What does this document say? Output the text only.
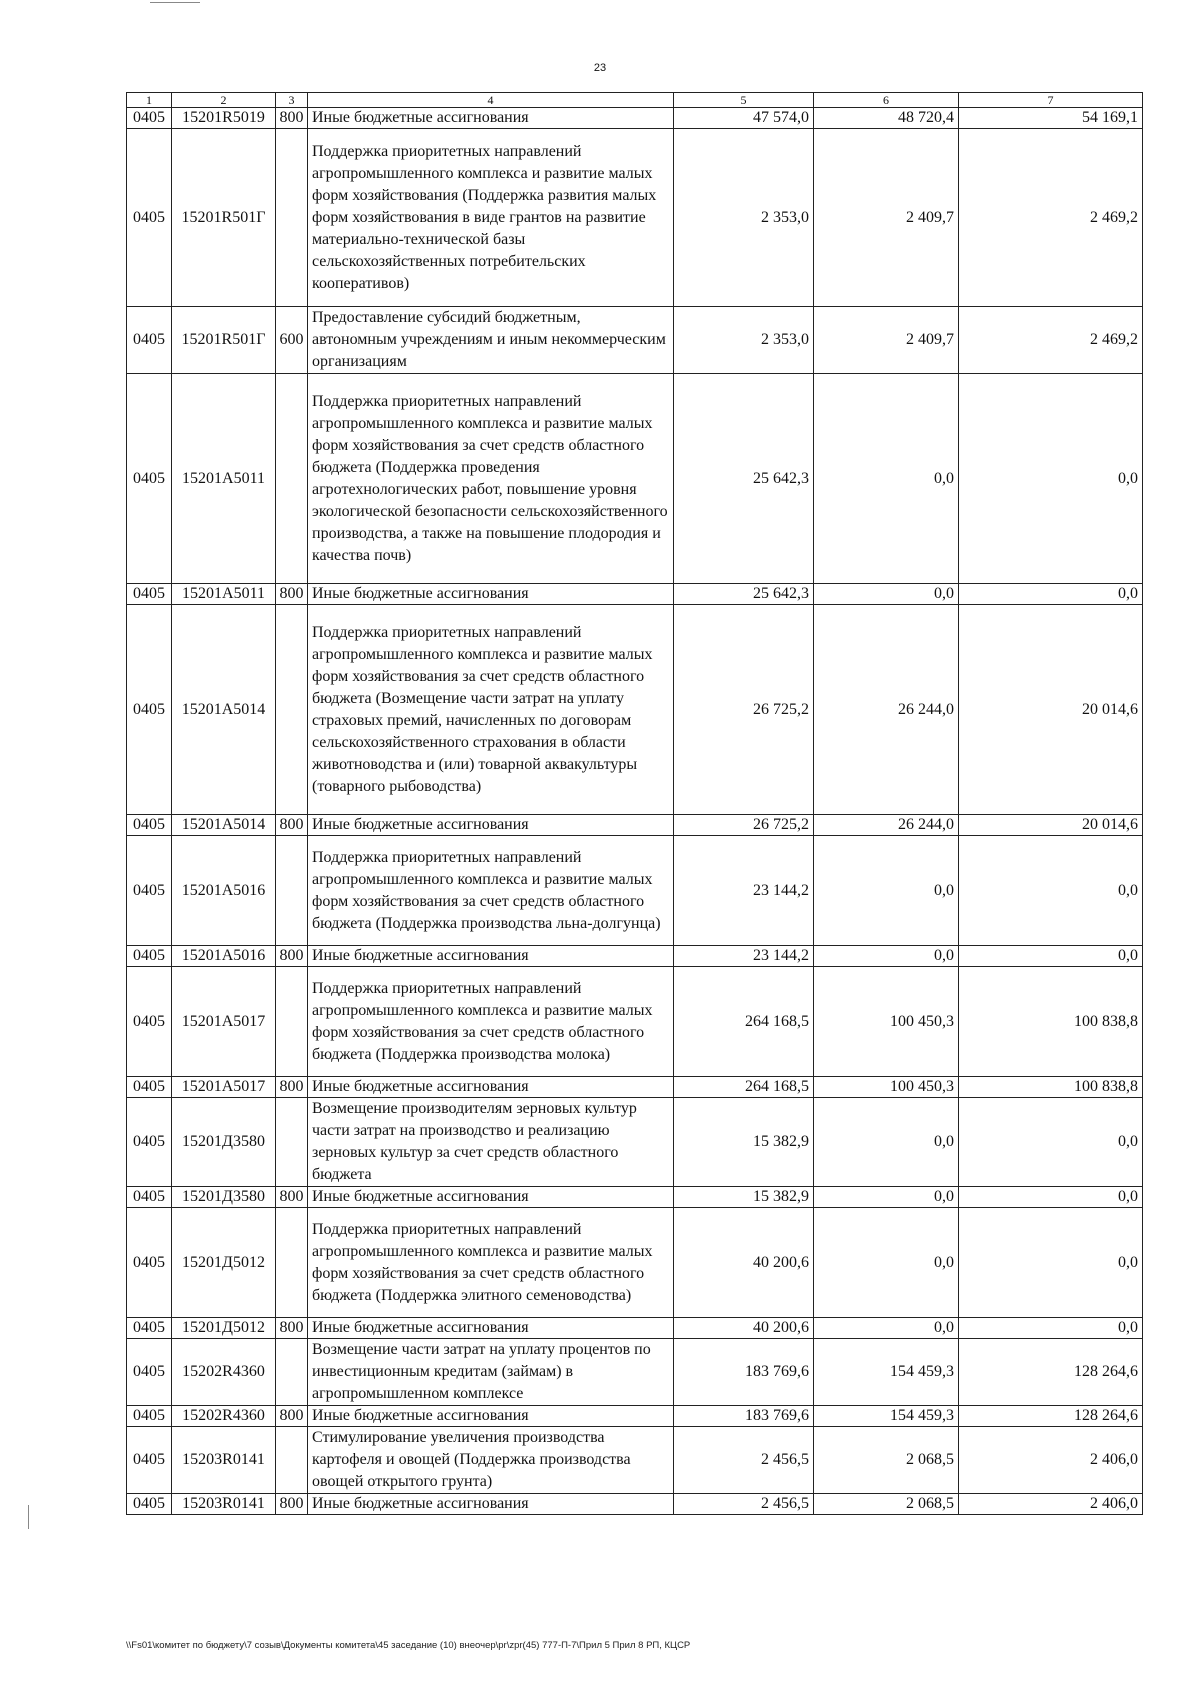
23
1	2	3	4	5	6	7
0405	15201R5019	800	Иные бюджетные ассигнования	47 574,0	48 720,4	54 169,1
0405	15201R501Г		Поддержка приоритетных направлений агропромышленного комплекса и развитие малых форм хозяйствования (Поддержка развития малых форм хозяйствования в виде грантов на развитие материально-технической базы сельскохозяйственных потребительских кооперативов)	2 353,0	2 409,7	2 469,2
0405	15201R501Г	600	Предоставление субсидий бюджетным, автономным учреждениям и иным некоммерческим организациям	2 353,0	2 409,7	2 469,2
0405	15201A5011		Поддержка приоритетных направлений агропромышленного комплекса и развитие малых форм хозяйствования за счет средств областного бюджета (Поддержка проведения агротехнологических работ, повышение уровня экологической безопасности сельскохозяйственного производства, а также на повышение плодородия и качества почв)	25 642,3	0,0	0,0
0405	15201A5011	800	Иные бюджетные ассигнования	25 642,3	0,0	0,0
0405	15201A5014		Поддержка приоритетных направлений агропромышленного комплекса и развитие малых форм хозяйствования за счет средств областного бюджета (Возмещение части затрат на уплату страховых премий, начисленных по договорам сельскохозяйственного страхования в области животноводства и (или) товарной аквакультуры (товарного рыбоводства)	26 725,2	26 244,0	20 014,6
0405	15201A5014	800	Иные бюджетные ассигнования	26 725,2	26 244,0	20 014,6
0405	15201A5016		Поддержка приоритетных направлений агропромышленного комплекса и развитие малых форм хозяйствования за счет средств областного бюджета (Поддержка производства льна-долгунца)	23 144,2	0,0	0,0
0405	15201A5016	800	Иные бюджетные ассигнования	23 144,2	0,0	0,0
0405	15201A5017		Поддержка приоритетных направлений агропромышленного комплекса и развитие малых форм хозяйствования за счет средств областного бюджета (Поддержка производства молока)	264 168,5	100 450,3	100 838,8
0405	15201A5017	800	Иные бюджетные ассигнования	264 168,5	100 450,3	100 838,8
0405	15201Д3580		Возмещение производителям зерновых культур части затрат на производство и реализацию зерновых культур за счет средств областного бюджета	15 382,9	0,0	0,0
0405	15201Д3580	800	Иные бюджетные ассигнования	15 382,9	0,0	0,0
0405	15201Д5012		Поддержка приоритетных направлений агропромышленного комплекса и развитие малых форм хозяйствования за счет средств областного бюджета (Поддержка элитного семеноводства)	40 200,6	0,0	0,0
0405	15201Д5012	800	Иные бюджетные ассигнования	40 200,6	0,0	0,0
0405	15202R4360		Возмещение части затрат на уплату процентов по инвестиционным кредитам (займам) в агропромышленном комплексе	183 769,6	154 459,3	128 264,6
0405	15202R4360	800	Иные бюджетные ассигнования	183 769,6	154 459,3	128 264,6
0405	15203R0141		Стимулирование увеличения производства картофеля и овощей (Поддержка производства овощей открытого грунта)	2 456,5	2 068,5	2 406,0
0405	15203R0141	800	Иные бюджетные ассигнования	2 456,5	2 068,5	2 406,0
\\Fs01\комитет по бюджету\7 созыв\Документы комитета\45 заседание (10) внеочер\pr\zpr(45) 777-П-7\Прил 5 Прил 8 РП, КЦСР
